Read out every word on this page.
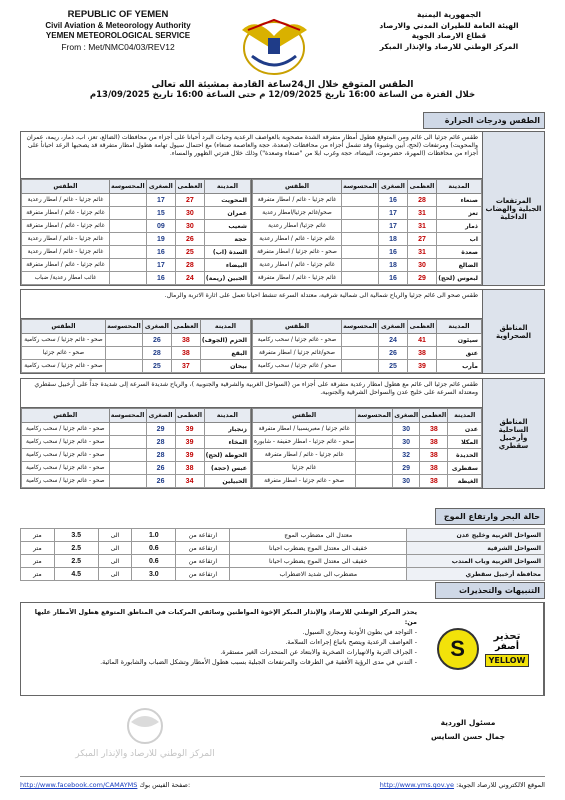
REPUBLIC OF YEMEN
Civil Aviation & Meteorology Authority
YEMEN METEOROLOGICAL SERVICE
From : Met/NMC04/03/REV12
الجمهورية اليمنية
الهيئة العامة للطيران المدني والارصاد
قطاع الارصاد الجوية
المركز الوطني للارصاد والإنذار المبكر
الطقس المتوقع خلال ال24ساعة القادمة بمشيئة الله تعالى
خلال الفترة من الساعة 16:00 تاريخ 12/09/2025 م حتى الساعة 16:00 تاريخ 13/09/2025م
الطقس ودرجات الحرارة
المرتفعات الجبلية والهضاب الداخلية
طقس غائم جزئيا الى غائم ومن المتوقع هطول أمطار متفرقة الشدة مصحوبة بالعواصف الرعدية وحبات البرد أحيانا على أجزاء من محافظات (الضالع، تعز، اب، ذمار، ريمة، عمران والمحويت) ومرتفعات (لحج، أبين وشبوة) وقد تشمل أجزاء من محافظات (صعدة، حجة والعاصمة صنعاء) مع احتمال سيول تهامة هطول امطار متفرقة قد يصحبها الرعد احيانأ على أجزاء من محافظات (المهرة، حضرموت، البيضاء، حجة وغرب ابلا من "صنعاء وصعدة") وذلك خلال فترتي الظهور والمساء.
المدينة	العظمى	الصغرى	المحسوسة	الطقس
صنعاء	28	16		غائم جزئيا - غائم / امطار متفرقة
تعز	31	17		صحو/غائم جزئيا/امطار رعدية
ذمار	31	17		غائم جزئيا/ امطار رعدية
اب	27	18		غائم جزئيا - غائم / امطار رعدية
صعدة	31	16		صحو - غائم جزئيا / امطار متفرقة
الضالع	30	18		غائم جزئيا - غائم / امطار رعدية
لبعوس (لحج)	29	16		غائم جزئيا - غائم / امطار متفرقة
المدينة	العظمى	الصغرى	المحسوسة	الطقس
المحويت	27	17		غائم جزئيا - غائم / امطار رعدية
عمران	30	15		غائم جزئيا - غائم / امطار متفرقة
شعيب	30	09		غائم جزئيا - غائم / امطار متفرقة
حجة	26	19		غائم جزئيا - غائم / امطار رعدية
السدة (اب)	25	16		غائم جزئيا - غائم / امطار رعدية
البيضاء	28	17		غائم جزئيا - غائم / امطار متفرقة
الجبين (ريمة)	24	16		غائب امطار رعدية/ ضباب
المناطق الصحراوية
طقس صحو الى غائم جزئيا والرياح شمالية الى شمالية شرقية، معتدلة السرعة تنشط احيانا تعمل على اثارة الاتربة والرمال.
المدينة	العظمى	الصغرى	المحسوسة	الطقس
سيئون	41	24		صحو - غائم جزئيا / سحب ركامية
عتق	38	26		صحو/غائم جزئيا / امطار متفرقة
مأرب	39	25		صحو / غائم جزئيا / سحب ركامية
المدينة	العظمى	الصغرى	المحسوسة	الطقس
الحزم (الجوف)	38	26		صحو - غائم جزئيا / سحب ركامية
البقع	38	28		صحو - غائم جزئيا
بيحان	37	25		صحو - غائم جزئيا / سحب ركامية
المناطق الساحلية وأرخبيل سقطري
طقس غائم جزئيا الى غائم مع هطول امطار رعدية متفرقة على أجزاء من (السواحل الغربية والشرقية والجنوبية )، والرياح شديدة السرعة إلى شديدة جداً على أرخبيل سقطري ومعتدلة السرعة على خليج عدن والسواحل الشرقية والجنوبية.
المدينة	العظمى	الصغرى	المحسوسة	الطقس
عدن	38	30		غائم جزئيا / مغبريسبيا / امطار متفرقة
المكلا	38	30		صحو - غائم جزئيا - امطار خفيفة - شابورة
الحديدة	38	32		غائم جزئيا - غائم / امطار متفرقة
سقطرى	38	29		غائم جزئيا
الغيظة	38	30		صحو - غائم جزئيا - امطار متفرقة
المدينة	العظمى	الصغرى	المحسوسة	الطقس
زنجبار	39	29		صحو - غائم جزئيا / سحب ركامية
المخاء	39	28		صحو - غائم جزئيا / سحب ركامية
الحوطة (لحج)	39	28		صحو - غائم جزئيا / سحب ركامية
عبس (حجة)	38	26		صحو - غائم جزئيا / سحب ركامية
الحبيلين	34	26		صحو - غائم جزئيا / سحب ركامية
حالة البحر وارتفاع الموج
السواحل الغربية وخليج عدن	معتدل الى مضطرب الموج	ارتفاعة من	1.0	الى	3.5	متر
السواحل الشرقية	خفيف الى معتدل الموج يضطرب احيانا	ارتفاعة من	0.6	الى	2.5	متر
السواحل الغربية وباب المندب	خفيف الى معتدل الموج يضطرب احيانا	ارتفاعة من	0.6	الى	2.5	متر
محافظة أرخبيل سقطري	مضطرب الى شديد الاضطراب	ارتفاعة من	3.0	الى	4.5	متر
التنبيهات والتحذيرات
تحذير
أصفر
YELLOW
S
يحذر المركز الوطني للارصاد والإنذار المبكر الإخوة المواطنين وسائقي المركبات في المناطق المتوقع هطول الأمطار عليها من:
- التواجد في بطون الأودية ومجاري السيول.
- العواصف الرعدية ويتصح باتباع إجراءات السلامة.
- الجراف التربة والانهيارات الصخرية والابتعاد عن المنحدرات الغير مستقرة.
- التدني في مدى الرؤية الأفقية في الطرقات والمرتفعات الجبلية بسبب هطول الأمطار وتشكل الضباب والشابورة المائية.
المركز الوطني للارصاد والإنذار المبكر
مسئول الوردية
جمال حسن السايس
http://www.facebook.com/CAMAYMS صفحة الفيس بوك:	الموقع الالكتروني للارصاد الجوية: http://www.yms.gov.ye
